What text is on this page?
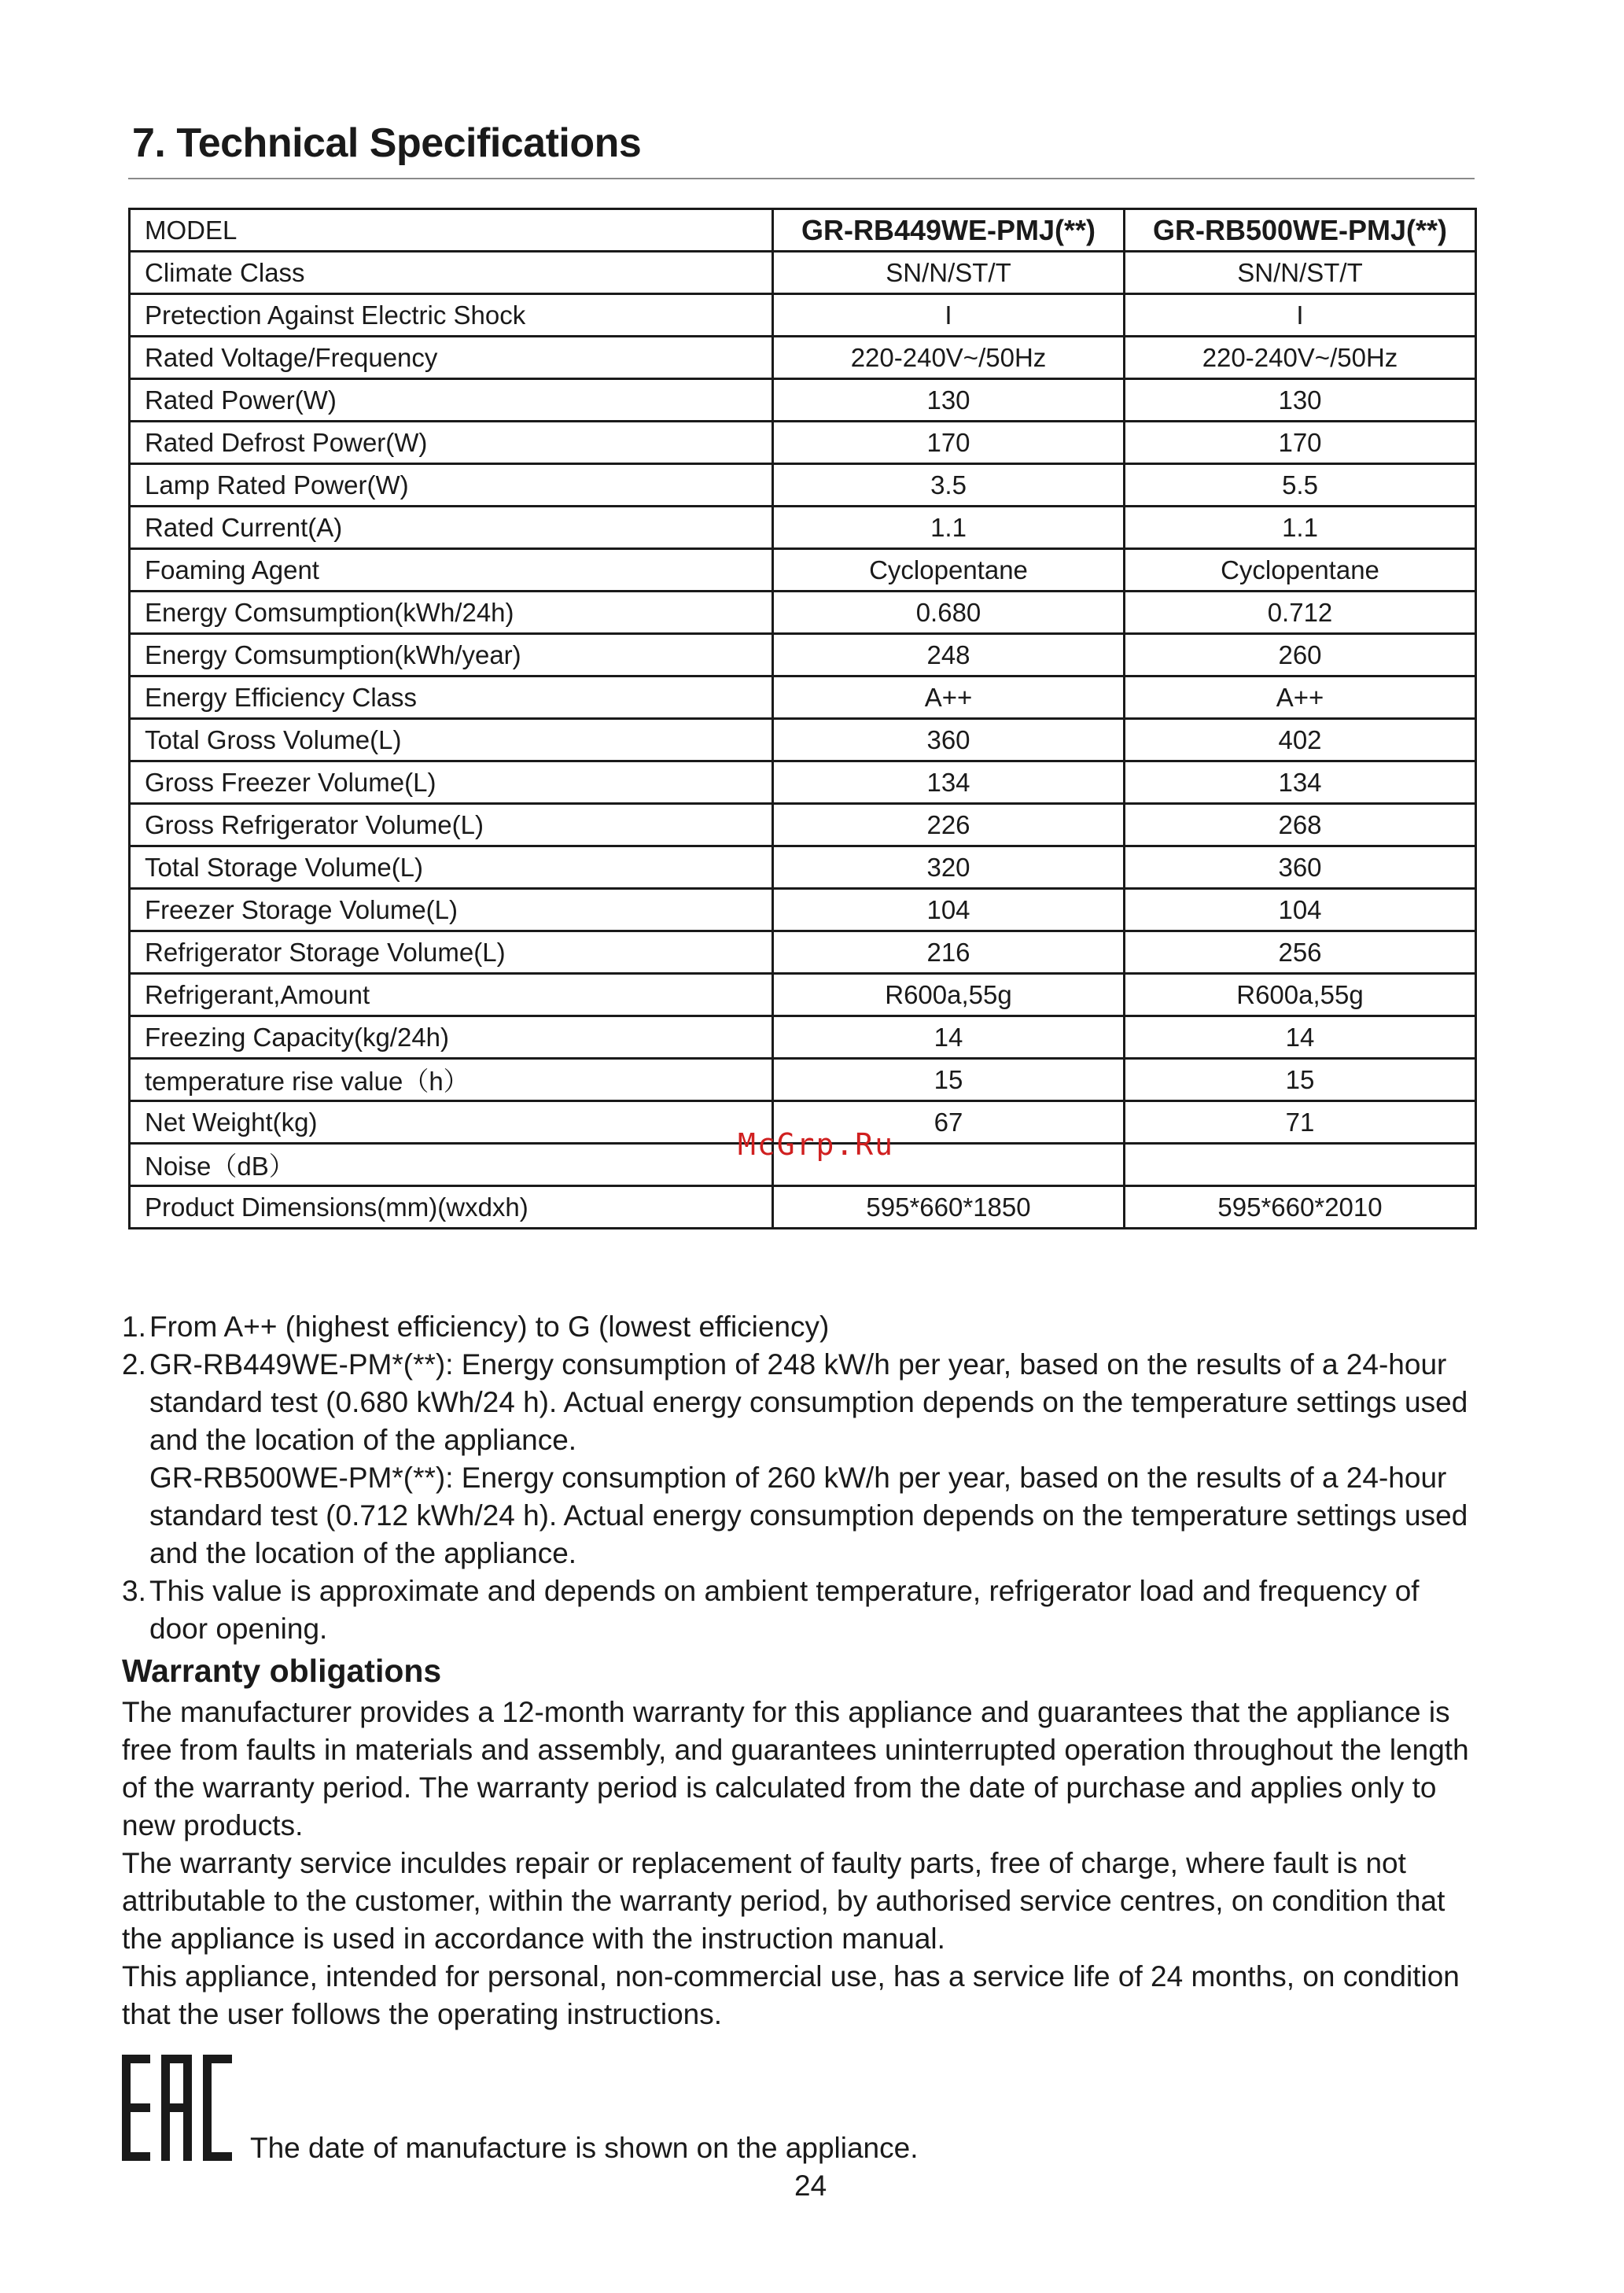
7. Technical Specifications
MODEL	GR-RB449WE-PMJ(**)	GR-RB500WE-PMJ(**)
Climate Class	SN/N/ST/T	SN/N/ST/T
Pretection Against Electric Shock	I	I
Rated Voltage/Frequency	220-240V~/50Hz	220-240V~/50Hz
Rated Power(W)	130	130
Rated Defrost Power(W)	170	170
Lamp Rated Power(W)	3.5	5.5
Rated Current(A)	1.1	1.1
Foaming Agent	Cyclopentane	Cyclopentane
Energy Comsumption(kWh/24h)	0.680	0.712
Energy Comsumption(kWh/year)	248	260
Energy Efficiency Class	A++	A++
Total Gross Volume(L)	360	402
Gross Freezer Volume(L)	134	134
Gross Refrigerator Volume(L)	226	268
Total Storage Volume(L)	320	360
Freezer Storage Volume(L)	104	104
Refrigerator Storage Volume(L)	216	256
Refrigerant,Amount	R600a,55g	R600a,55g
Freezing Capacity(kg/24h)	14	14
temperature rise value（h）	15	15
Net Weight(kg)	67	71
Noise（dB）		
Product Dimensions(mm)(wxdxh)	595*660*1850	595*660*2010
McGrp.Ru
1. From A++ (highest efficiency) to G (lowest efficiency)
2. GR-RB449WE-PM*(**): Energy consumption of 248 kW/h per year, based on the results of a 24-hour standard test (0.680 kWh/24 h). Actual energy consumption depends on the temperature settings used and the location of the appliance.
GR-RB500WE-PM*(**): Energy consumption of 260 kW/h per year, based on the results of a 24-hour standard test (0.712 kWh/24 h). Actual energy consumption depends on the temperature settings used and the location of the appliance.
3. This value is approximate and depends on ambient temperature, refrigerator load and frequency of door opening.
Warranty obligations

The manufacturer provides a 12-month warranty for this appliance and guarantees that the appliance is free from faults in materials and assembly, and guarantees uninterrupted operation throughout the length of the warranty period. The warranty period is calculated from the date of purchase and applies only to new products.

The warranty service inculdes repair or replacement of faulty parts, free of charge, where fault is not attributable to the customer, within the warranty period, by authorised service centres, on condition that the appliance is used in accordance with the instruction manual.

This appliance, intended for personal, non-commercial use, has a service life of 24 months, on condition that the user follows the operating instructions.

The date of manufacture is shown on the appliance.
24
